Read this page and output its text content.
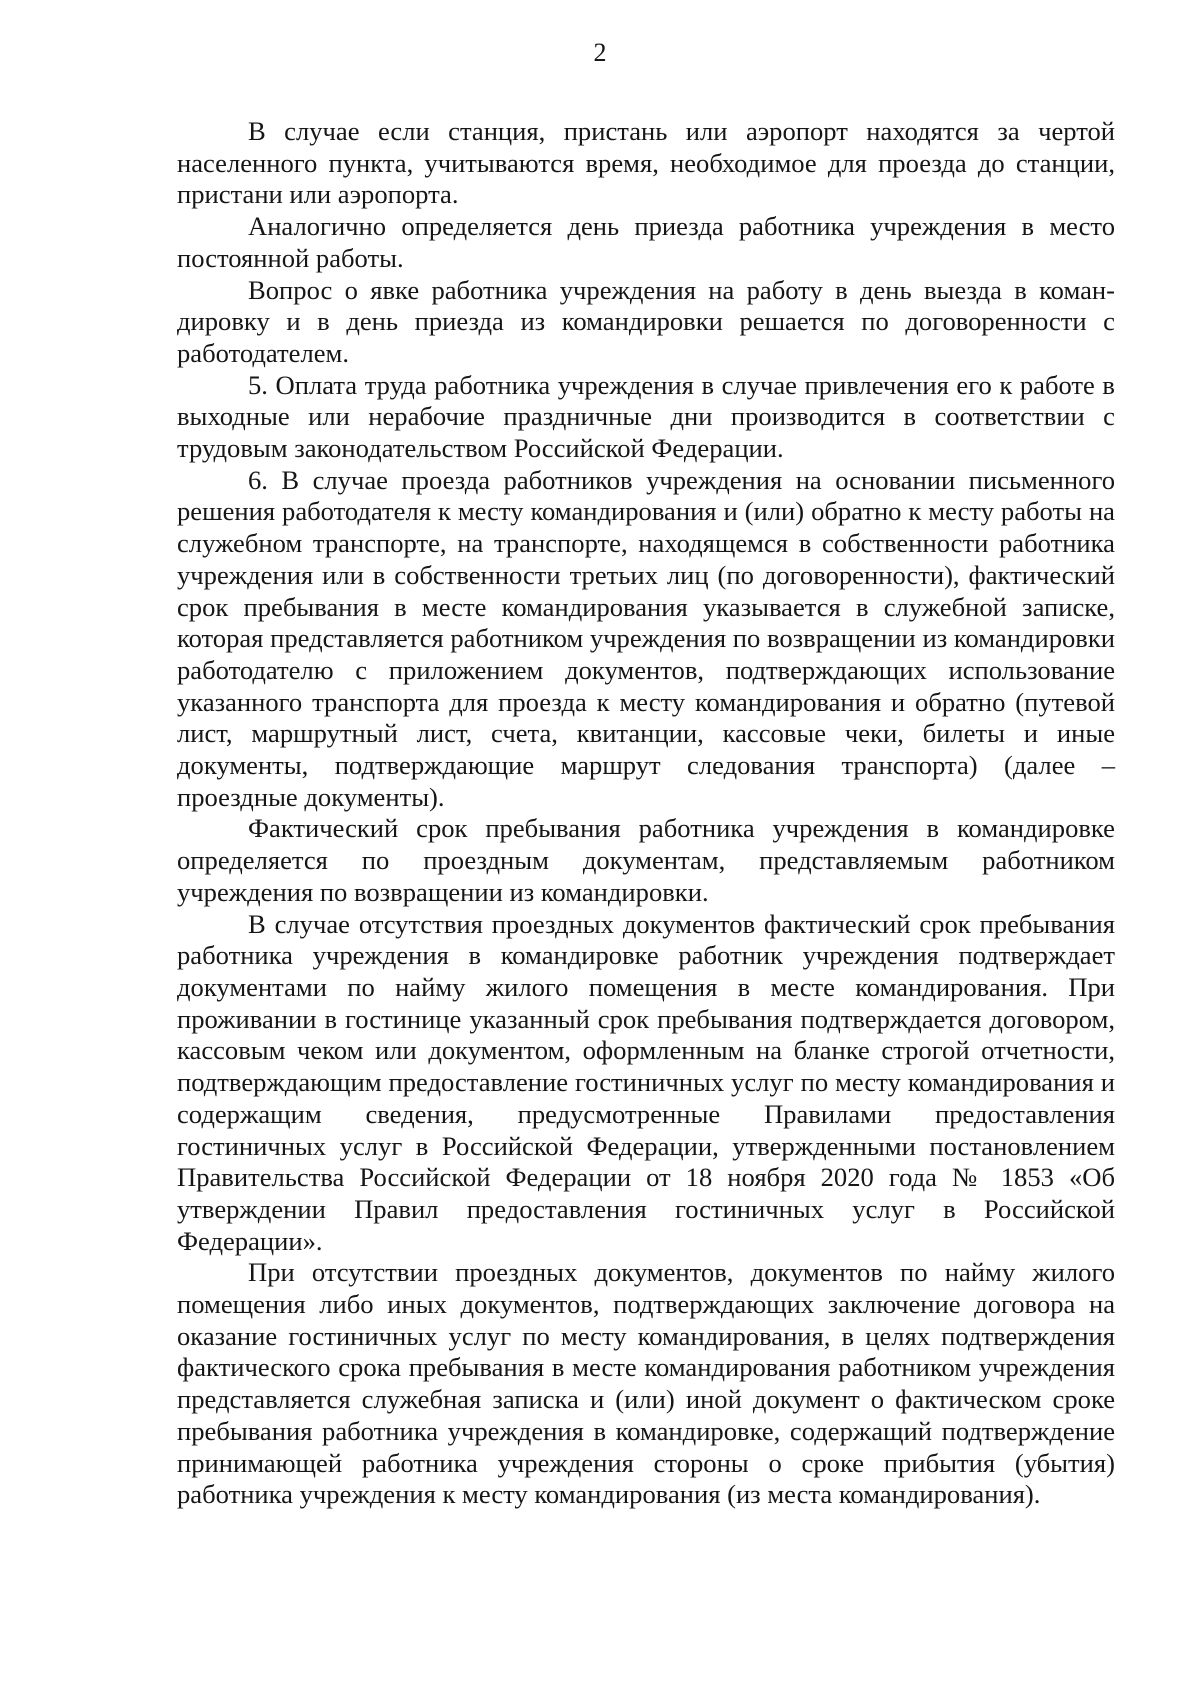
2

В случае если станция, пристань или аэропорт находятся за чертой населенного пункта, учитываются время, необходимое для проезда до станции, пристани или аэропорта.

Аналогично определяется день приезда работника учреждения в место постоянной работы.

Вопрос о явке работника учреждения на работу в день выезда в командировку и в день приезда из командировки решается по договоренности с работодателем.

5. Оплата труда работника учреждения в случае привлечения его к работе в выходные или нерабочие праздничные дни производится в соответствии с трудовым законодательством Российской Федерации.

6. В случае проезда работников учреждения на основании письменного решения работодателя к месту командирования и (или) обратно к месту работы на служебном транспорте, на транспорте, находящемся в собственности работника учреждения или в собственности третьих лиц (по договоренности), фактический срок пребывания в месте командирования указывается в служебной записке, которая представляется работником учреждения по возвращении из командировки работодателю с приложением документов, подтверждающих использование указанного транспорта для проезда к месту командирования и обратно (путевой лист, маршрутный лист, счета, квитанции, кассовые чеки, билеты и иные документы, подтверждающие маршрут следования транспорта) (далее – проездные документы).

Фактический срок пребывания работника учреждения в командировке определяется по проездным документам, представляемым работником учреждения по возвращении из командировки.

В случае отсутствия проездных документов фактический срок пребывания работника учреждения в командировке работник учреждения подтверждает документами по найму жилого помещения в месте командирования. При проживании в гостинице указанный срок пребывания подтверждается договором, кассовым чеком или документом, оформленным на бланке строгой отчетности, подтверждающим предоставление гостиничных услуг по месту командирования и содержащим сведения, предусмотренные Правилами предоставления гостиничных услуг в Российской Федерации, утвержденными постановлением Правительства Российской Федерации от 18 ноября 2020 года № 1853 «Об утверждении Правил предоставления гостиничных услуг в Российской Федерации».

При отсутствии проездных документов, документов по найму жилого помещения либо иных документов, подтверждающих заключение договора на оказание гостиничных услуг по месту командирования, в целях подтверждения фактического срока пребывания в месте командирования работником учреждения представляется служебная записка и (или) иной документ о фактическом сроке пребывания работника учреждения в командировке, содержащий подтверждение принимающей работника учреждения стороны о сроке прибытия (убытия) работника учреждения к месту командирования (из места командирования).
